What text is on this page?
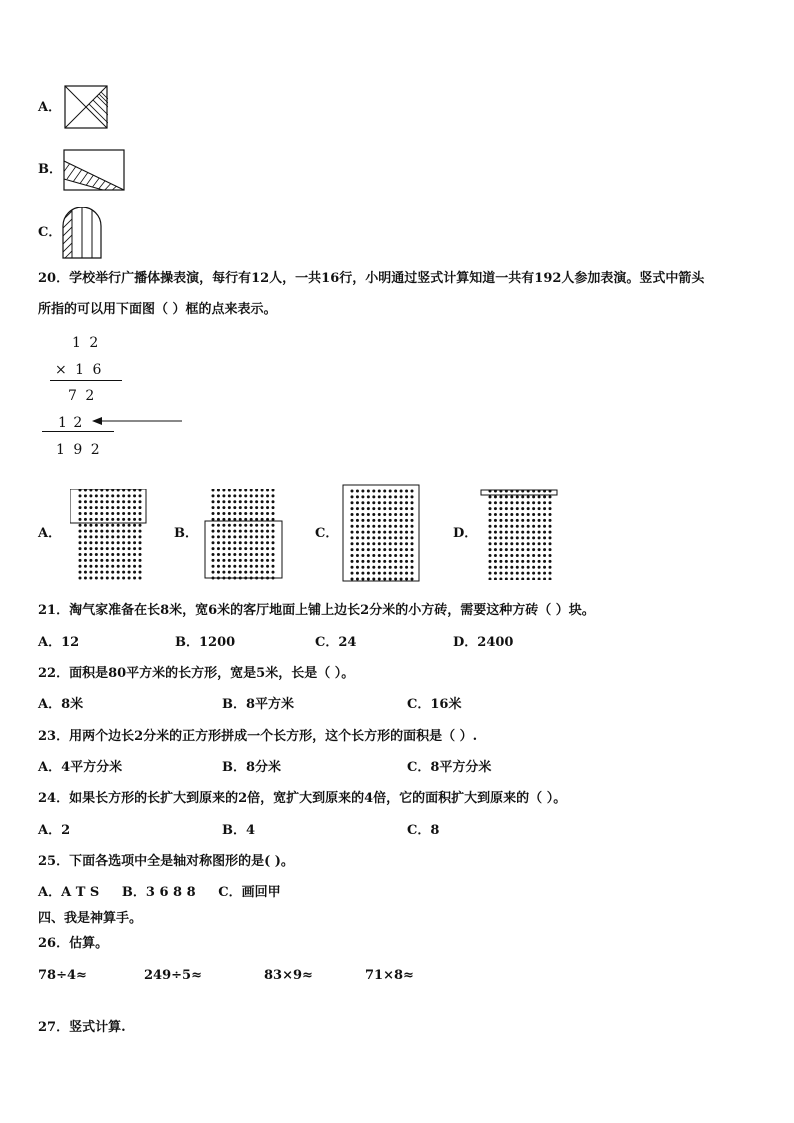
A．
B．
C．
20．学校举行广播体操表演，每行有12人，一共16行，小明通过竖式计算知道一共有192人参加表演。竖式中箭头
所指的可以用下面图（ ）框的点来表示。
1 2
× 1 6
7 2
1 2
1 9 2
A．	B．	C．	D．
21．淘气家准备在长8米，宽6米的客厅地面上铺上边长2分米的小方砖，需要这种方砖（ ）块。
A．12	B．1200	C．24	D．2400
22．面积是80平方米的长方形，宽是5米，长是（ ）。
A．8米	B．8平方米	C．16米
23．用两个边长2分米的正方形拼成一个长方形，这个长方形的面积是（ ）.
A．4平方分米	B．8分米	C．8平方分米
24．如果长方形的长扩大到原来的2倍，宽扩大到原来的4倍，它的面积扩大到原来的（ ）。
A．2	B．4	C．8
25．下面各选项中全是轴对称图形的是( )。
A．A T S     B．3 6 8 8     C．画回甲
四、我是神算手。
26．估算。
78÷4≈	249÷5≈	83×9≈	71×8≈
27．竖式计算.
